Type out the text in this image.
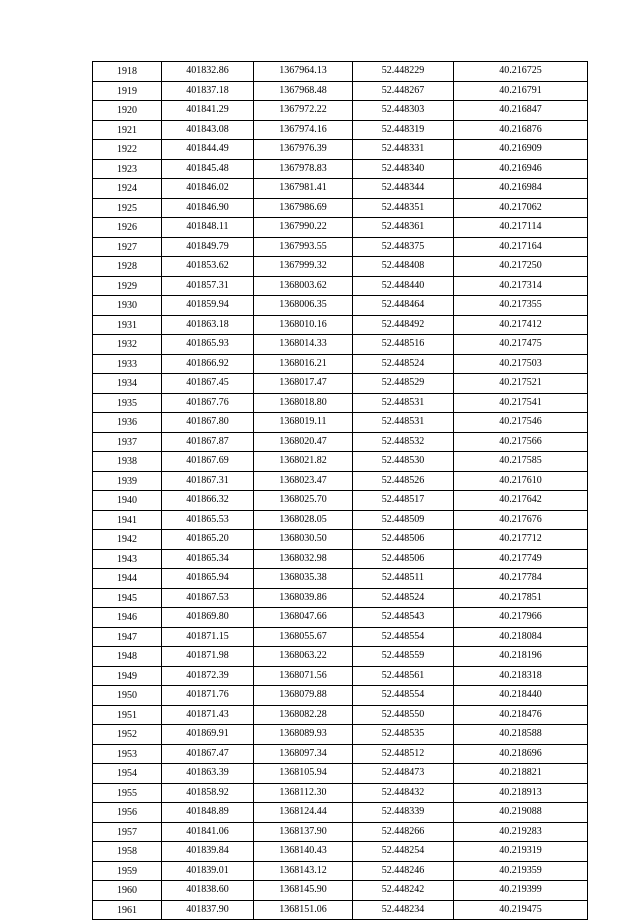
1918	401832.86	1367964.13	52.448229	40.216725
1919	401837.18	1367968.48	52.448267	40.216791
1920	401841.29	1367972.22	52.448303	40.216847
1921	401843.08	1367974.16	52.448319	40.216876
1922	401844.49	1367976.39	52.448331	40.216909
1923	401845.48	1367978.83	52.448340	40.216946
1924	401846.02	1367981.41	52.448344	40.216984
1925	401846.90	1367986.69	52.448351	40.217062
1926	401848.11	1367990.22	52.448361	40.217114
1927	401849.79	1367993.55	52.448375	40.217164
1928	401853.62	1367999.32	52.448408	40.217250
1929	401857.31	1368003.62	52.448440	40.217314
1930	401859.94	1368006.35	52.448464	40.217355
1931	401863.18	1368010.16	52.448492	40.217412
1932	401865.93	1368014.33	52.448516	40.217475
1933	401866.92	1368016.21	52.448524	40.217503
1934	401867.45	1368017.47	52.448529	40.217521
1935	401867.76	1368018.80	52.448531	40.217541
1936	401867.80	1368019.11	52.448531	40.217546
1937	401867.87	1368020.47	52.448532	40.217566
1938	401867.69	1368021.82	52.448530	40.217585
1939	401867.31	1368023.47	52.448526	40.217610
1940	401866.32	1368025.70	52.448517	40.217642
1941	401865.53	1368028.05	52.448509	40.217676
1942	401865.20	1368030.50	52.448506	40.217712
1943	401865.34	1368032.98	52.448506	40.217749
1944	401865.94	1368035.38	52.448511	40.217784
1945	401867.53	1368039.86	52.448524	40.217851
1946	401869.80	1368047.66	52.448543	40.217966
1947	401871.15	1368055.67	52.448554	40.218084
1948	401871.98	1368063.22	52.448559	40.218196
1949	401872.39	1368071.56	52.448561	40.218318
1950	401871.76	1368079.88	52.448554	40.218440
1951	401871.43	1368082.28	52.448550	40.218476
1952	401869.91	1368089.93	52.448535	40.218588
1953	401867.47	1368097.34	52.448512	40.218696
1954	401863.39	1368105.94	52.448473	40.218821
1955	401858.92	1368112.30	52.448432	40.218913
1956	401848.89	1368124.44	52.448339	40.219088
1957	401841.06	1368137.90	52.448266	40.219283
1958	401839.84	1368140.43	52.448254	40.219319
1959	401839.01	1368143.12	52.448246	40.219359
1960	401838.60	1368145.90	52.448242	40.219399
1961	401837.90	1368151.06	52.448234	40.219475
